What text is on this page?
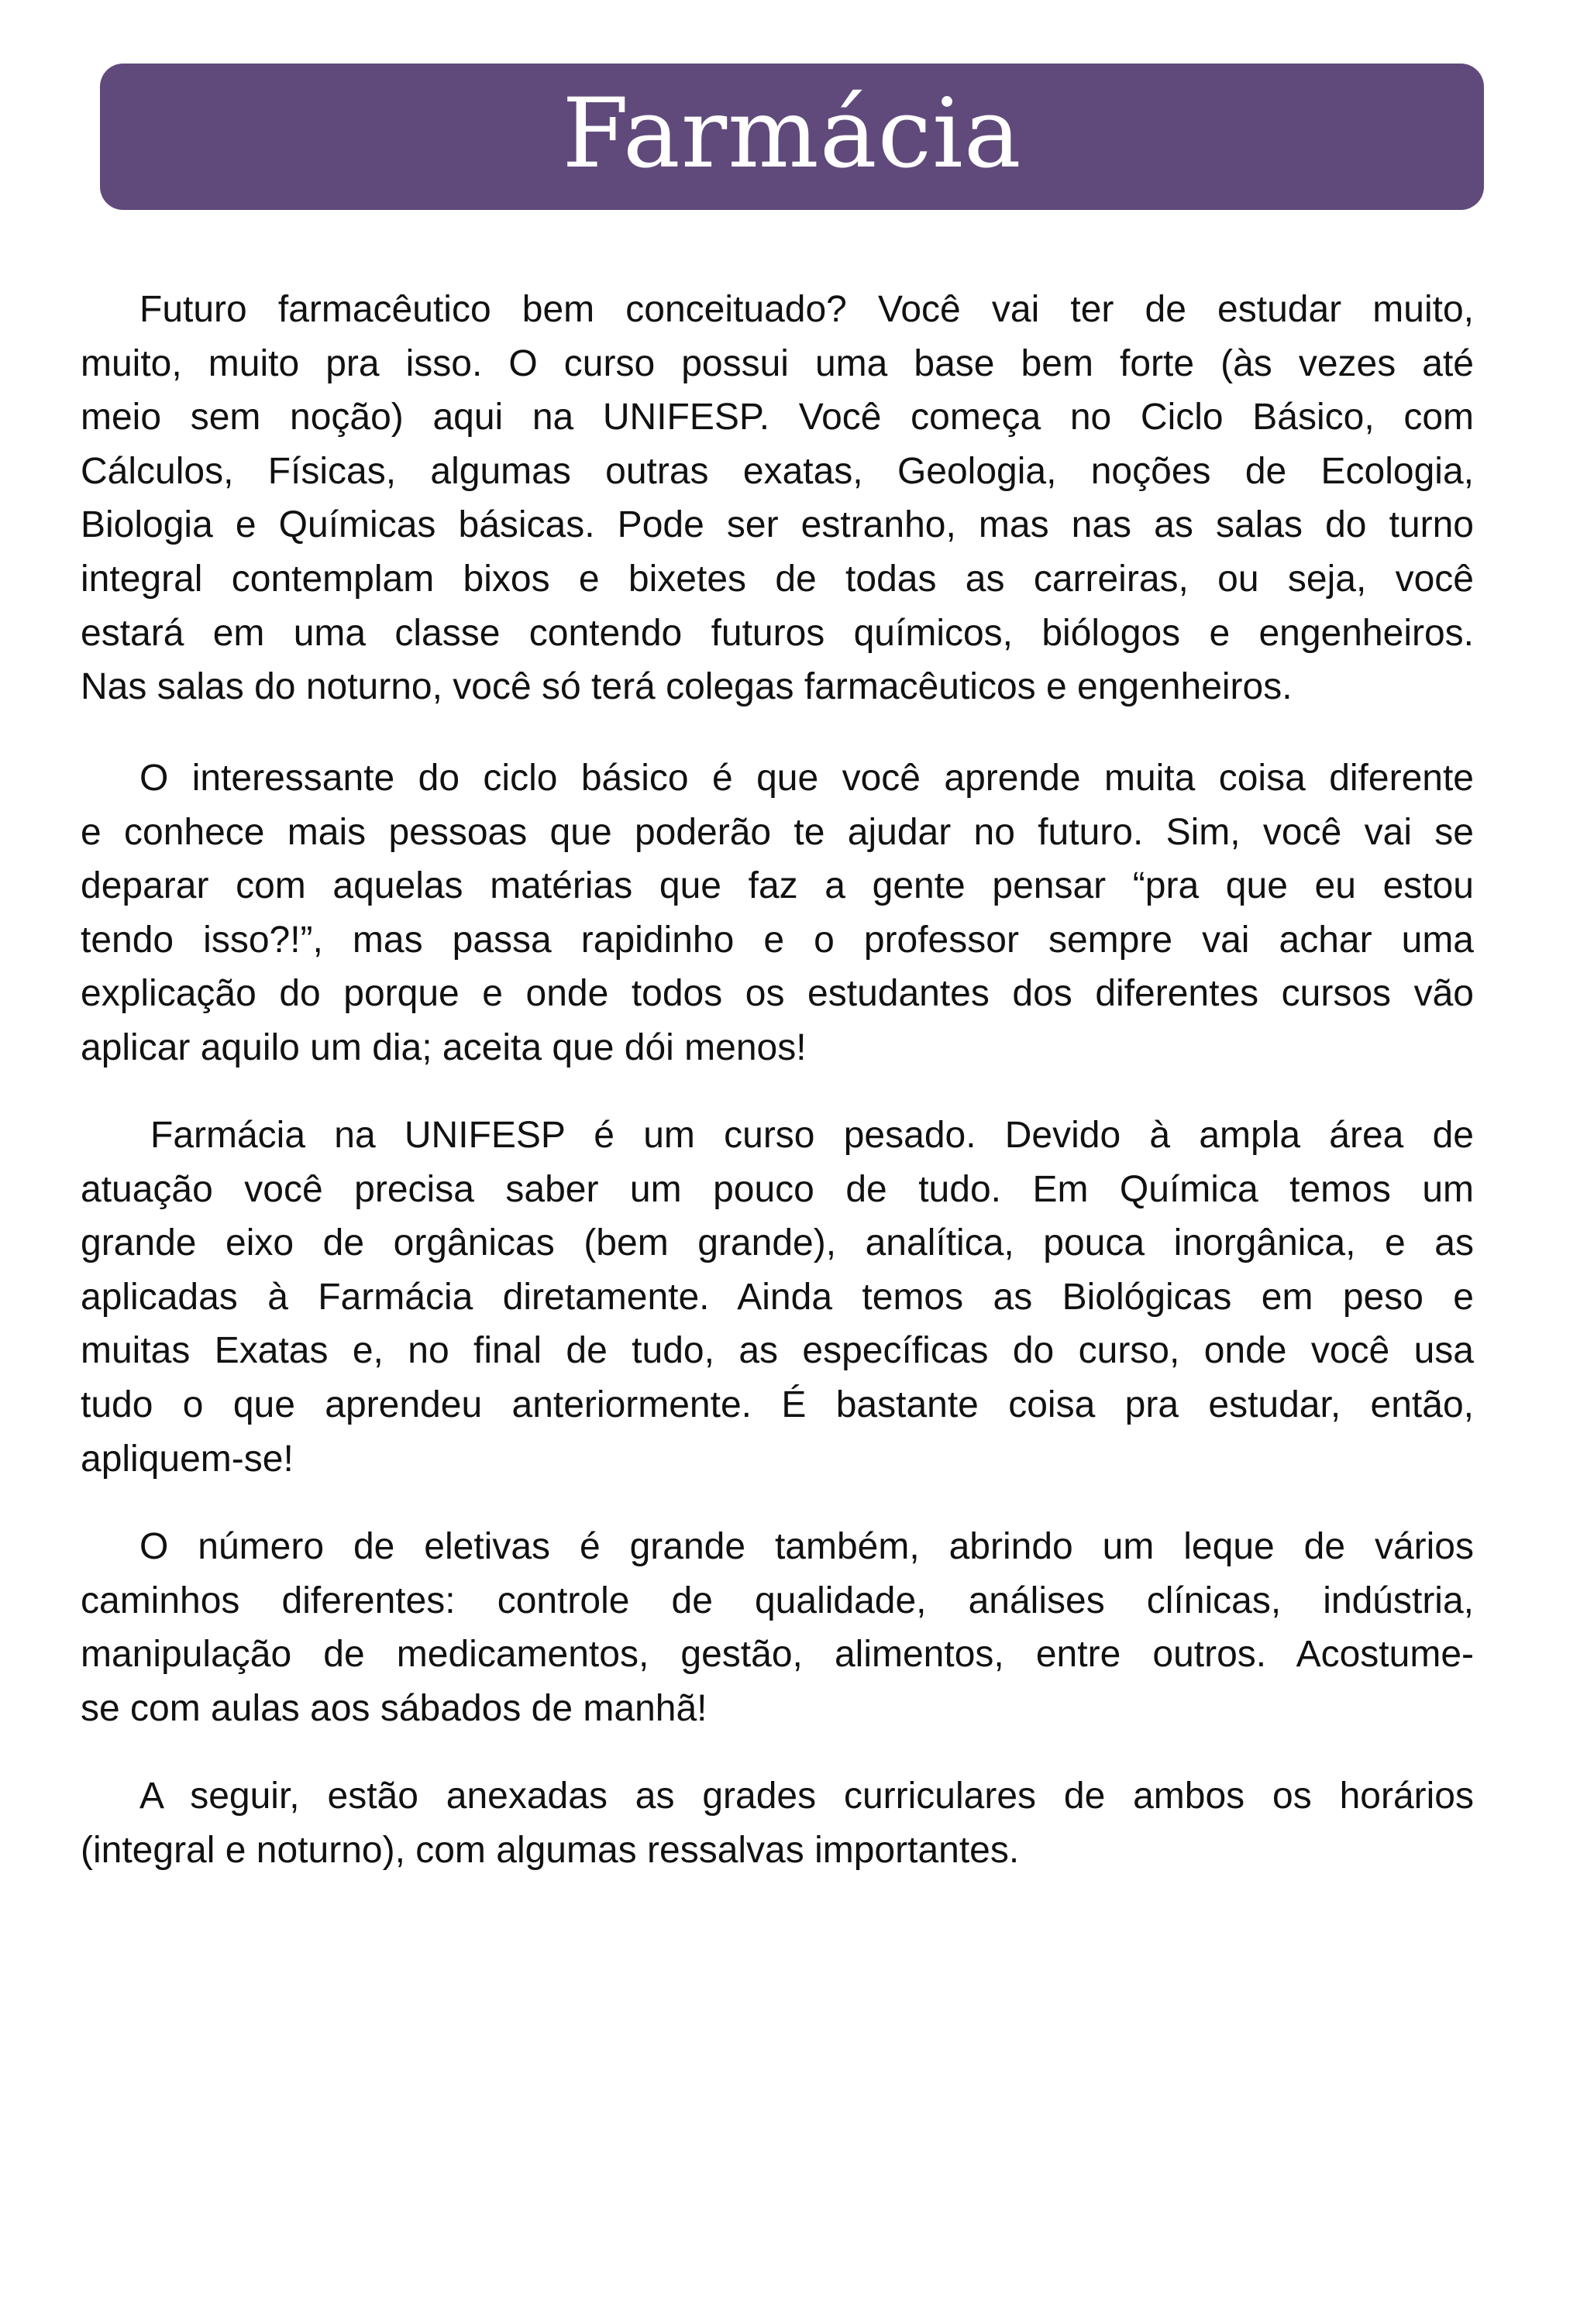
Farmácia
Futuro farmacêutico bem conceituado? Você vai ter de estudar muito,
muito, muito pra isso. O curso possui uma base bem forte (às vezes até
meio sem noção) aqui na UNIFESP. Você começa no Ciclo Básico, com
Cálculos, Físicas, algumas outras exatas, Geologia, noções de Ecologia,
Biologia e Químicas básicas. Pode ser estranho, mas nas as salas do turno
integral contemplam bixos e bixetes de todas as carreiras, ou seja, você
estará em uma classe contendo futuros químicos, biólogos e engenheiros.
Nas salas do noturno, você só terá colegas farmacêuticos e engenheiros.
O interessante do ciclo básico é que você aprende muita coisa diferente
e conhece mais pessoas que poderão te ajudar no futuro. Sim, você vai se
deparar com aquelas matérias que faz a gente pensar “pra que eu estou
tendo isso?!”, mas passa rapidinho e o professor sempre vai achar uma
explicação do porque e onde todos os estudantes dos diferentes cursos vão
aplicar aquilo um dia; aceita que dói menos!
Farmácia na UNIFESP é um curso pesado. Devido à ampla área de
atuação você precisa saber um pouco de tudo. Em Química temos um
grande eixo de orgânicas (bem grande), analítica, pouca inorgânica, e as
aplicadas à Farmácia diretamente. Ainda temos as Biológicas em peso e
muitas Exatas e, no final de tudo, as específicas do curso, onde você usa
tudo o que aprendeu anteriormente. É bastante coisa pra estudar, então,
apliquem-se!
O número de eletivas é grande também, abrindo um leque de vários
caminhos diferentes: controle de qualidade, análises clínicas, indústria,
manipulação de medicamentos, gestão, alimentos, entre outros. Acostume-
se com aulas aos sábados de manhã!
A seguir, estão anexadas as grades curriculares de ambos os horários
(integral e noturno), com algumas ressalvas importantes.
